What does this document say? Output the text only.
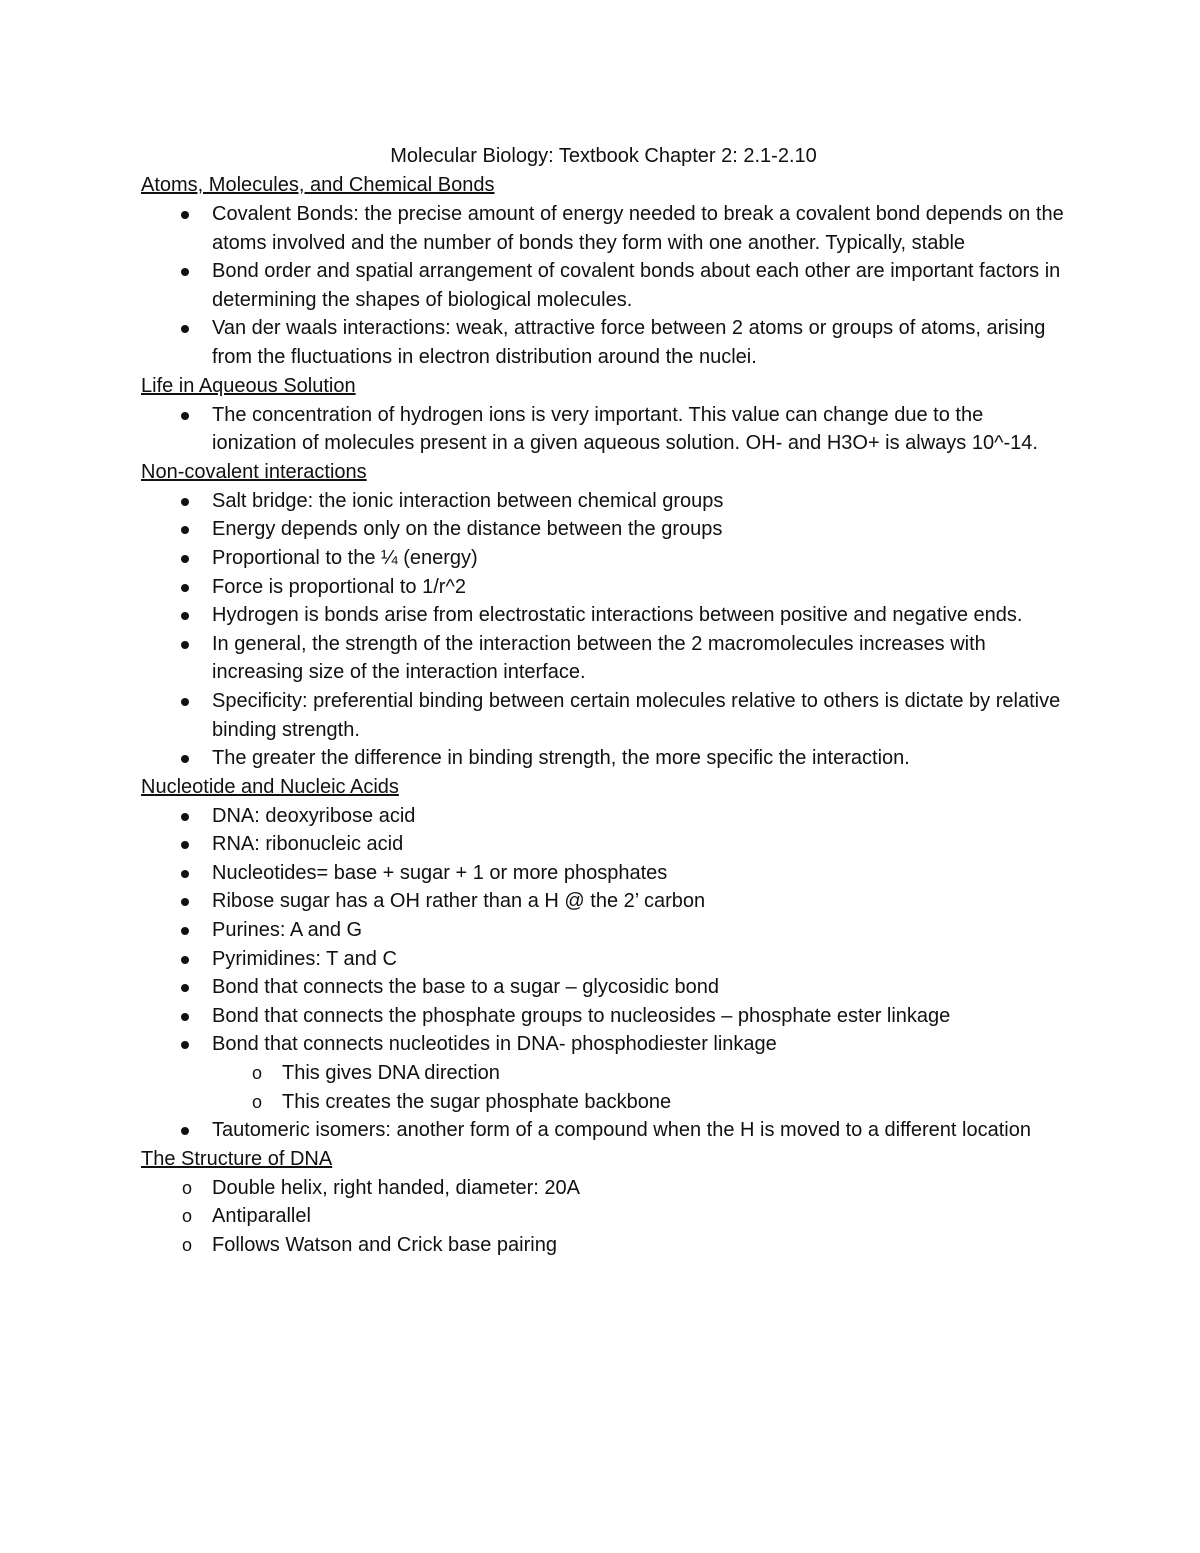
Molecular Biology: Textbook Chapter 2: 2.1-2.10
Atoms, Molecules, and Chemical Bonds
Covalent Bonds: the precise amount of energy needed to break a covalent bond depends on the atoms involved and the number of bonds they form with one another. Typically, stable
Bond order and spatial arrangement of covalent bonds about each other are important factors in determining the shapes of biological molecules.
Van der waals interactions: weak, attractive force between 2 atoms or groups of atoms, arising from the fluctuations in electron distribution around the nuclei.
Life in Aqueous Solution
The concentration of hydrogen ions is very important. This value can change due to the ionization of molecules present in a given aqueous solution. OH- and H3O+ is always 10^-14.
Non-covalent interactions
Salt bridge: the ionic interaction between chemical groups
Energy depends only on the distance between the groups
Proportional to the ¼ (energy)
Force is proportional to 1/r^2
Hydrogen is bonds arise from electrostatic interactions between positive and negative ends.
In general, the strength of the interaction between the 2 macromolecules increases with increasing size of the interaction interface.
Specificity: preferential binding between certain molecules relative to others is dictate by relative binding strength.
The greater the difference in binding strength, the more specific the interaction.
Nucleotide and Nucleic Acids
DNA: deoxyribose acid
RNA: ribonucleic acid
Nucleotides= base + sugar + 1 or more phosphates
Ribose sugar has a OH rather than a H @ the 2’ carbon
Purines: A and G
Pyrimidines: T and C
Bond that connects the base to a sugar – glycosidic bond
Bond that connects the phosphate groups to nucleosides – phosphate ester linkage
Bond that connects nucleotides in DNA- phosphodiester linkage
o This gives DNA direction
o This creates the sugar phosphate backbone
Tautomeric isomers: another form of a compound when the H is moved to a different location
The Structure of DNA
o Double helix, right handed, diameter: 20A
o Antiparallel
o Follows Watson and Crick base pairing
